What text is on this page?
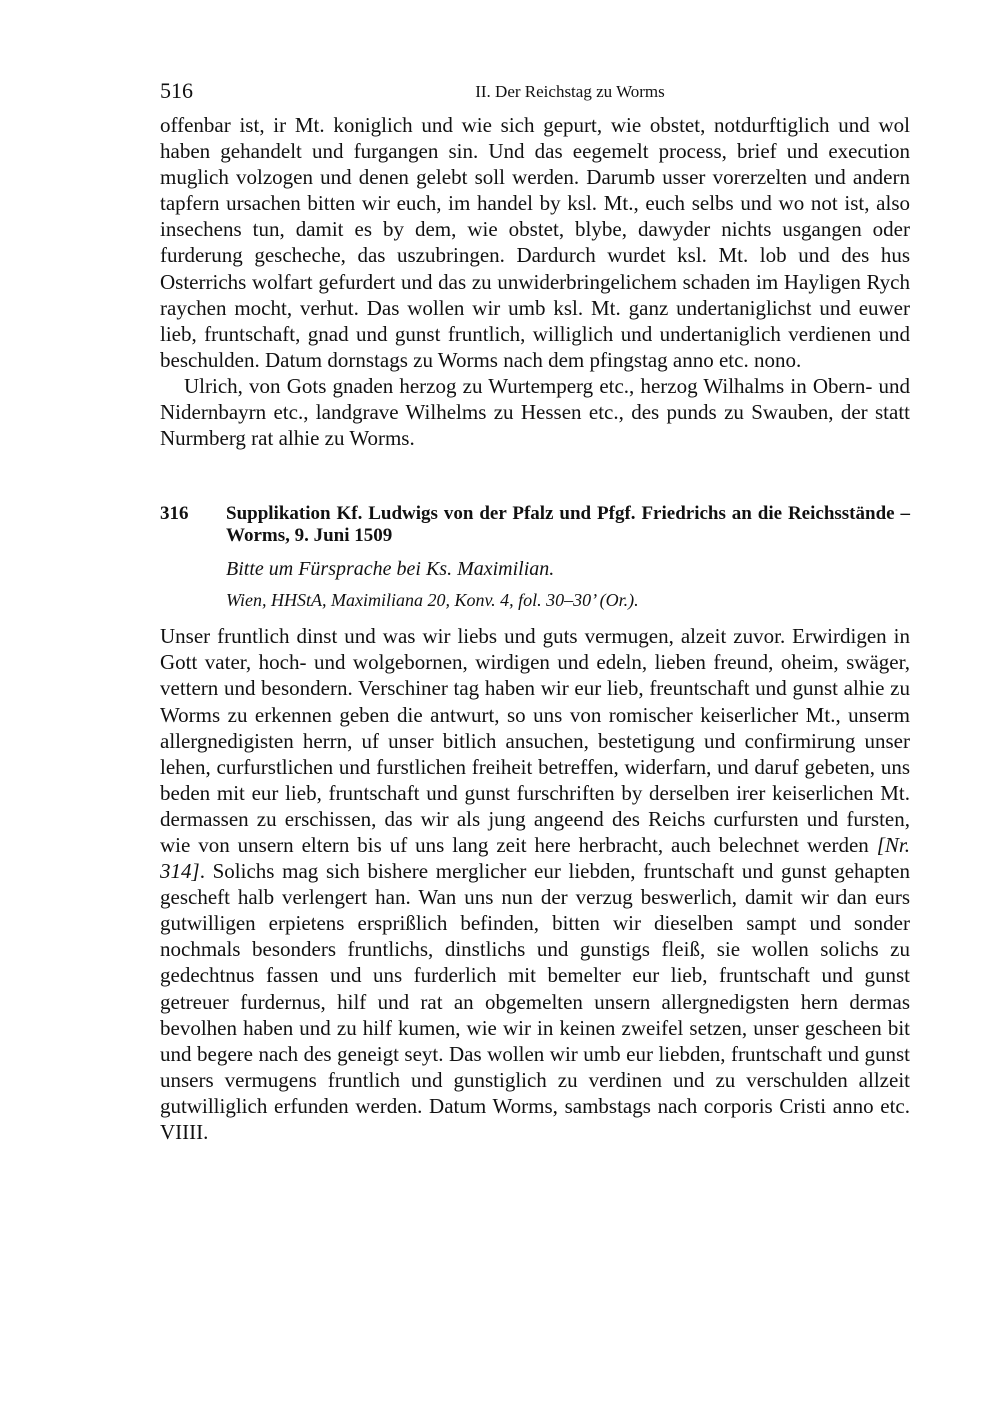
516	II. Der Reichstag zu Worms

offenbar ist, ir Mt. koniglich und wie sich gepurt, wie obstet, notdurftiglich und wol haben gehandelt und furgangen sin. Und das eegemelt process, brief und execution muglich volzogen und denen gelebt soll werden. Darumb usser vorerzelten und andern tapfern ursachen bitten wir euch, im handel by ksl. Mt., euch selbs und wo not ist, also insechens tun, damit es by dem, wie obstet, blybe, dawyder nichts usgangen oder furderung gescheche, das uszubringen. Dardurch wurdet ksl. Mt. lob und des hus Osterrichs wolfart gefurdert und das zu unwiderbringelichem schaden im Hayligen Rych raychen mocht, verhut. Das wollen wir umb ksl. Mt. ganz undertaniglichst und euwer lieb, fruntschaft, gnad und gunst fruntlich, williglich und undertaniglich verdienen und beschulden. Datum dornstags zu Worms nach dem pfingstag anno etc. nono.

Ulrich, von Gots gnaden herzog zu Wurtemperg etc., herzog Wilhalms in Obern- und Nidernbayrn etc., landgrave Wilhelms zu Hessen etc., des punds zu Swauben, der statt Nurmberg rat alhie zu Worms.

316	Supplikation Kf. Ludwigs von der Pfalz und Pfgf. Friedrichs an die Reichsstände – Worms, 9. Juni 1509
Bitte um Fürsprache bei Ks. Maximilian.
Wien, HHStA, Maximiliana 20, Konv. 4, fol. 30–30’ (Or.).

Unser fruntlich dinst und was wir liebs und guts vermugen, alzeit zuvor. Erwirdigen in Gott vater, hoch- und wolgebornen, wirdigen und edeln, lieben freund, oheim, swäger, vettern und besondern. Verschiner tag haben wir eur lieb, freuntschaft und gunst alhie zu Worms zu erkennen geben die antwurt, so uns von romischer keiserlicher Mt., unserm allergnedigisten herrn, uf unser bitlich ansuchen, bestetigung und confirmirung unser lehen, curfurstlichen und furstlichen freiheit betreffen, widerfarn, und daruf gebeten, uns beden mit eur lieb, fruntschaft und gunst furschriften by derselben irer keiserlichen Mt. dermassen zu erschissen, das wir als jung angeend des Reichs curfursten und fursten, wie von unsern eltern bis uf uns lang zeit here herbracht, auch belechnet werden [Nr. 314]. Solichs mag sich bishere merglicher eur liebden, fruntschaft und gunst gehapten gescheft halb verlengert han. Wan uns nun der verzug beswerlich, damit wir dan eurs gutwilligen erpietens ersprißlich befinden, bitten wir dieselben sampt und sonder nochmals besonders fruntlichs, dinstlichs und gunstigs fleiß, sie wollen solichs zu gedechtnus fassen und uns furderlich mit bemelter eur lieb, fruntschaft und gunst getreuer furdernus, hilf und rat an obgemelten unsern allergnedigsten hern dermas bevolhen haben und zu hilf kumen, wie wir in keinen zweifel setzen, unser gescheen bit und begere nach des geneigt seyt. Das wollen wir umb eur liebden, fruntschaft und gunst unsers vermugens fruntlich und gunstiglich zu verdinen und zu verschulden allzeit gutwilliglich erfunden werden. Datum Worms, sambstags nach corporis Cristi anno etc. VIIII.
